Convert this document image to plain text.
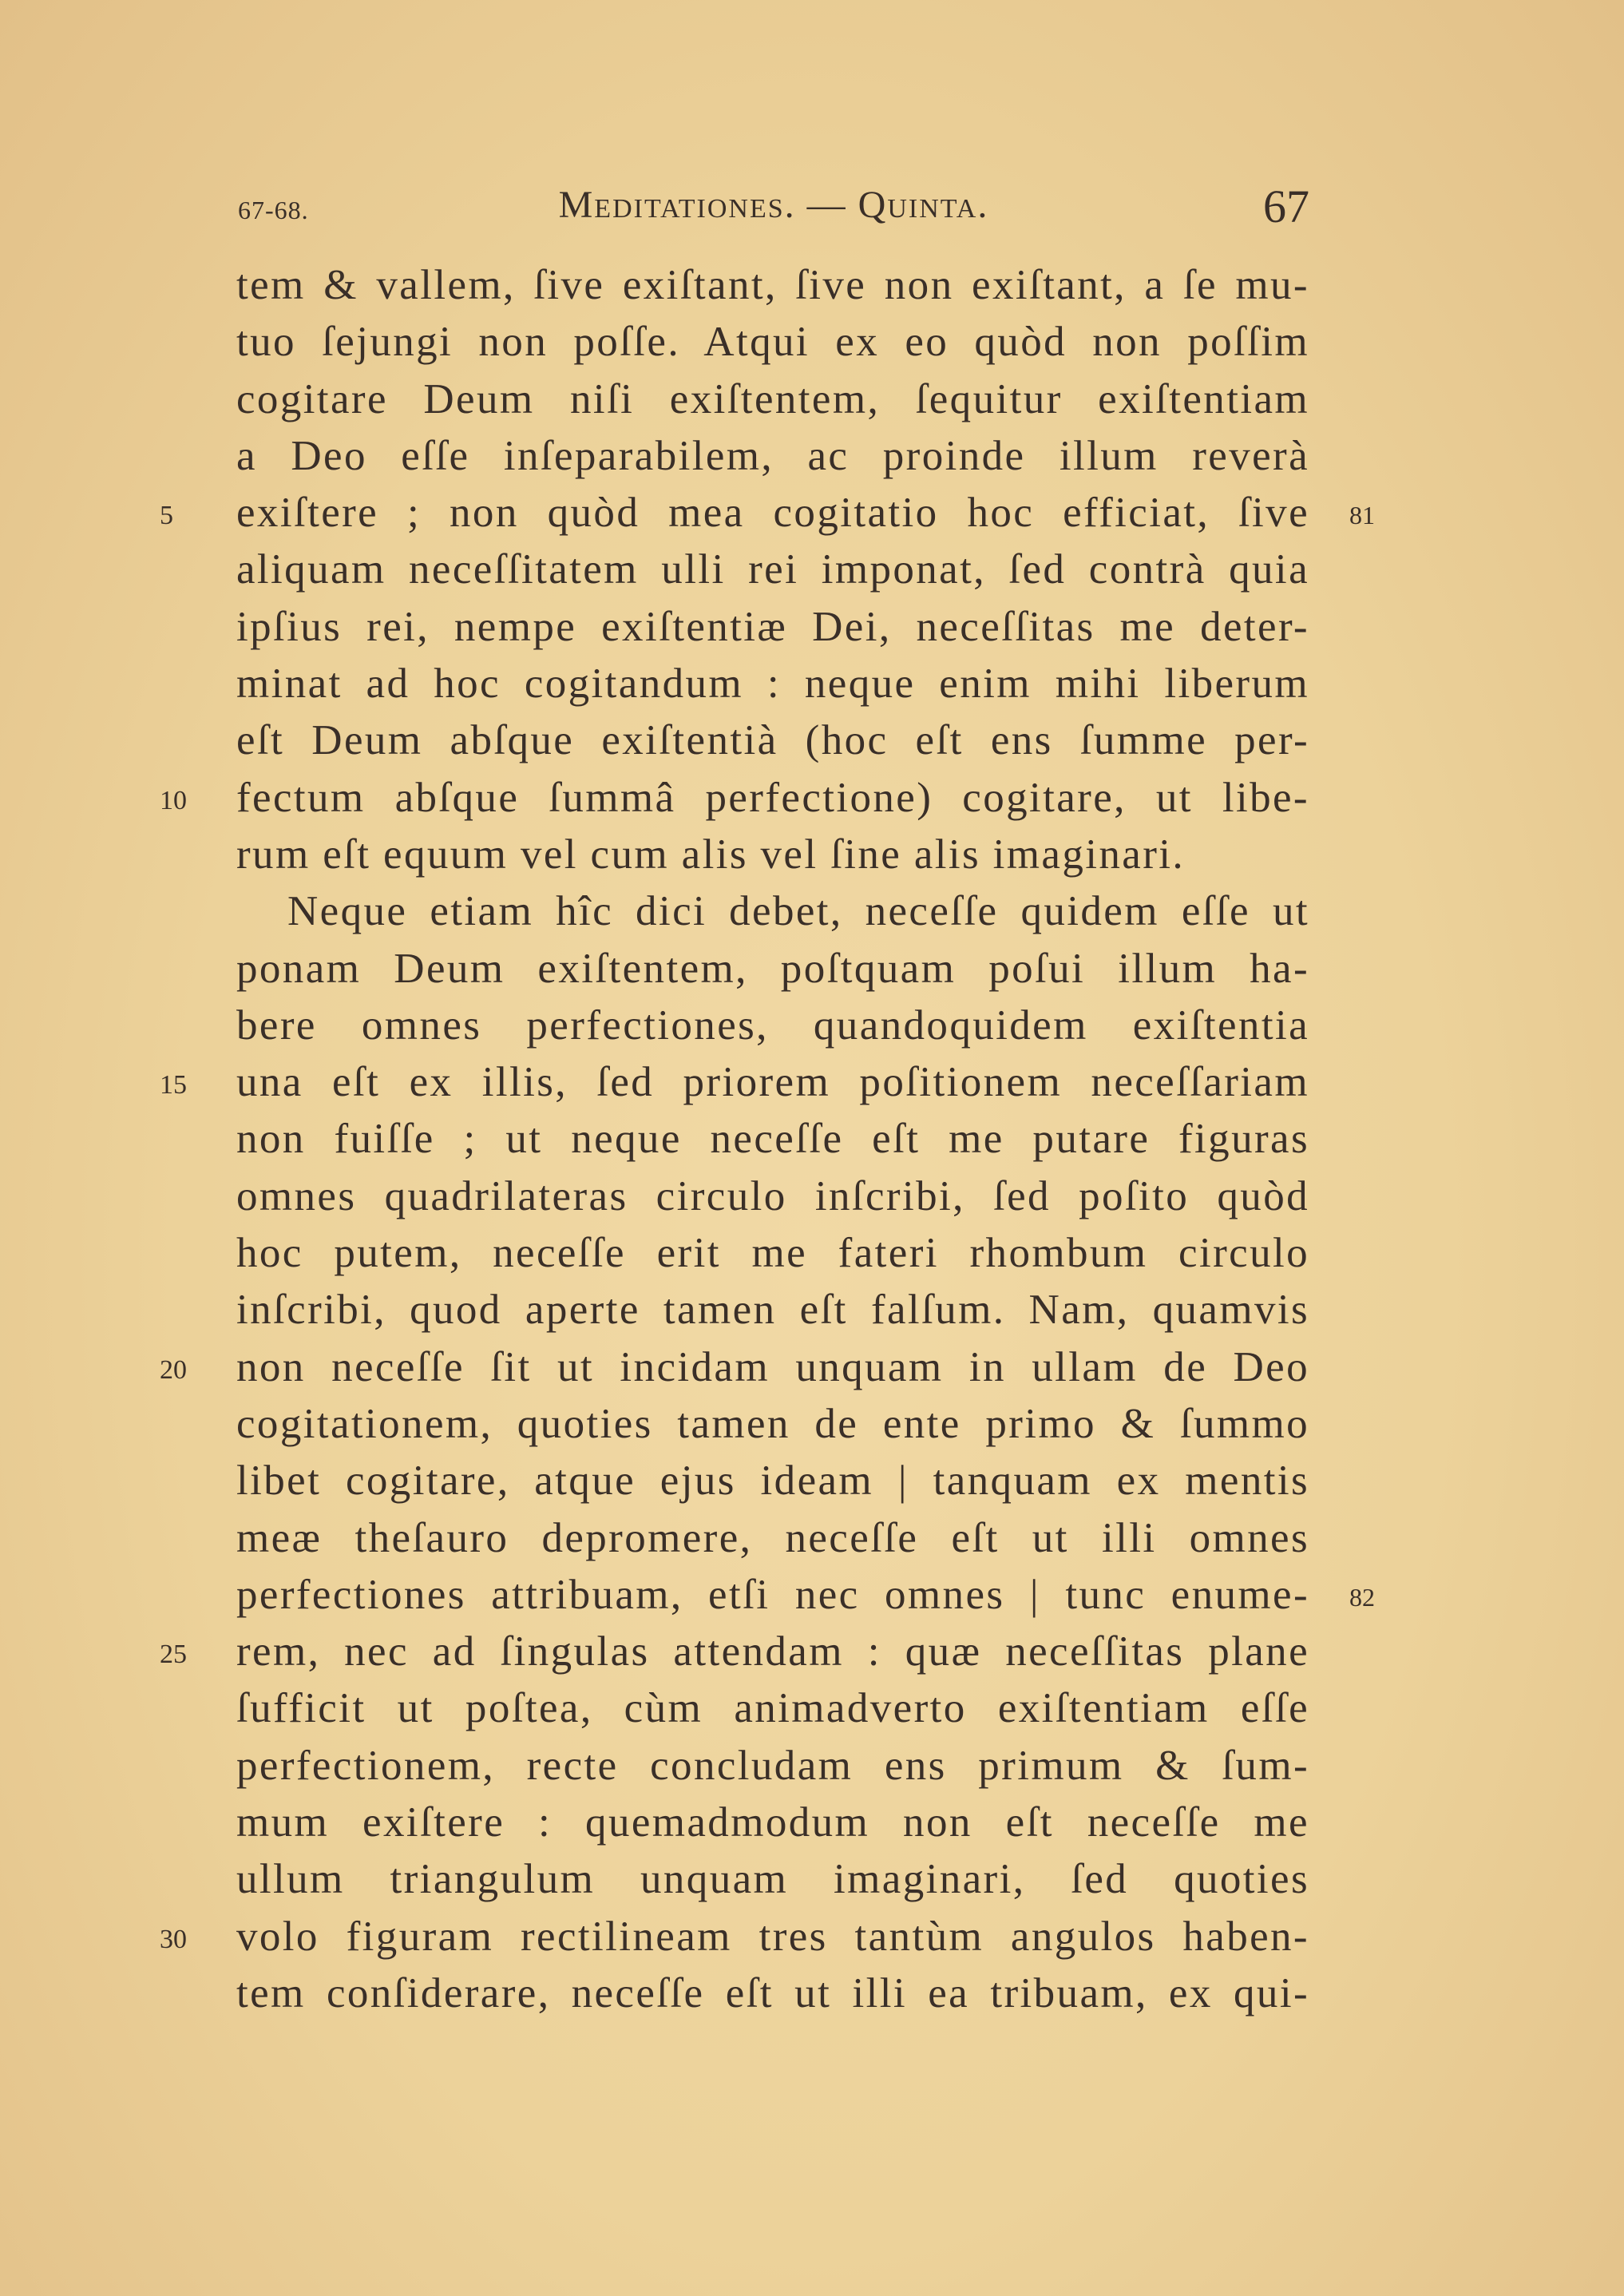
67-68.	Meditationes. — Quinta.	67
tem & vallem, ſive exiſtant, ſive non exiſtant, a ſe mu-
tuo ſejungi non poſſe. Atqui ex eo quòd non poſſim
cogitare Deum niſi exiſtentem, ſequitur exiſtentiam
a Deo eſſe inſeparabilem, ac proinde illum reverà
exiſtere ; non quòd mea cogitatio hoc efficiat, ſive
aliquam neceſſitatem ulli rei imponat, ſed contrà quia
ipſius rei, nempe exiſtentiæ Dei, neceſſitas me deter-
minat ad hoc cogitandum : neque enim mihi liberum
eſt Deum abſque exiſtentià (hoc eſt ens ſumme per-
fectum abſque ſummâ perfectione) cogitare, ut libe-
rum eſt equum vel cum alis vel ſine alis imaginari.
Neque etiam hîc dici debet, neceſſe quidem eſſe ut
ponam Deum exiſtentem, poſtquam poſui illum ha-
bere omnes perfectiones, quandoquidem exiſtentia
una eſt ex illis, ſed priorem poſitionem neceſſariam
non fuiſſe ; ut neque neceſſe eſt me putare figuras
omnes quadrilateras circulo inſcribi, ſed poſito quòd
hoc putem, neceſſe erit me fateri rhombum circulo
inſcribi, quod aperte tamen eſt falſum. Nam, quamvis
non neceſſe ſit ut incidam unquam in ullam de Deo
cogitationem, quoties tamen de ente primo & ſummo
libet cogitare, atque ejus ideam | tanquam ex mentis
meæ theſauro depromere, neceſſe eſt ut illi omnes
perfectiones attribuam, etſi nec omnes | tunc enume-
rem, nec ad ſingulas attendam : quæ neceſſitas plane
ſufficit ut poſtea, cùm animadverto exiſtentiam eſſe
perfectionem, recte concludam ens primum & ſum-
mum exiſtere : quemadmodum non eſt neceſſe me
ullum triangulum unquam imaginari, ſed quoties
volo figuram rectilineam tres tantùm angulos haben-
tem conſiderare, neceſſe eſt ut illi ea tribuam, ex qui-
5
10
15
20
25
30
81
82
